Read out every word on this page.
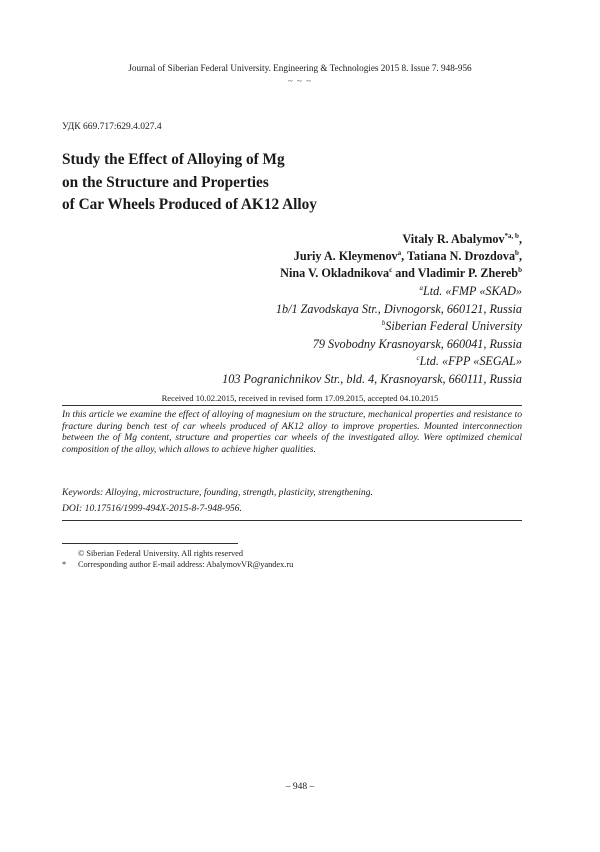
Journal of Siberian Federal University. Engineering & Technologies 2015 8. Issue 7. 948-956
~ ~ ~
УДК 669.717:629.4.027.4
Study the Effect of Alloying of Mg
on the Structure and Properties
of Car Wheels Produced of AK12 Alloy
Vitaly R. Abalymov$^{*a, b}$,
Juriy A. Kleymenov$^a$, Tatiana N. Drozdova$^b$,
Nina V. Okladnikova$^c$ and Vladimir P. Zhereb$^b$
$^a$Ltd. «FMP «SKAD»
1b/1 Zavodskaya Str., Divnogorsk, 660121, Russia
$^b$Siberian Federal University
79 Svobodny Krasnoyarsk, 660041, Russia
$^c$Ltd. «FPP «SEGAL»
103 Pogranichnikov Str., bld. 4, Krasnoyarsk, 660111, Russia
Received 10.02.2015, received in revised form 17.09.2015, accepted 04.10.2015
In this article we examine the effect of alloying of magnesium on the structure, mechanical properties and resistance to fracture during bench test of car wheels produced of AK12 alloy to improve properties. Mounted interconnection between the of Mg content, structure and properties car wheels of the investigated alloy. Were optimized chemical composition of the alloy, which allows to achieve higher qualities.
Keywords: Alloying, microstructure, founding, strength, plasticity, strengthening.
DOI: 10.17516/1999-494X-2015-8-7-948-956.
© Siberian Federal University. All rights reserved
* Corresponding author E-mail address: AbalymovVR@yandex.ru
– 948 –
